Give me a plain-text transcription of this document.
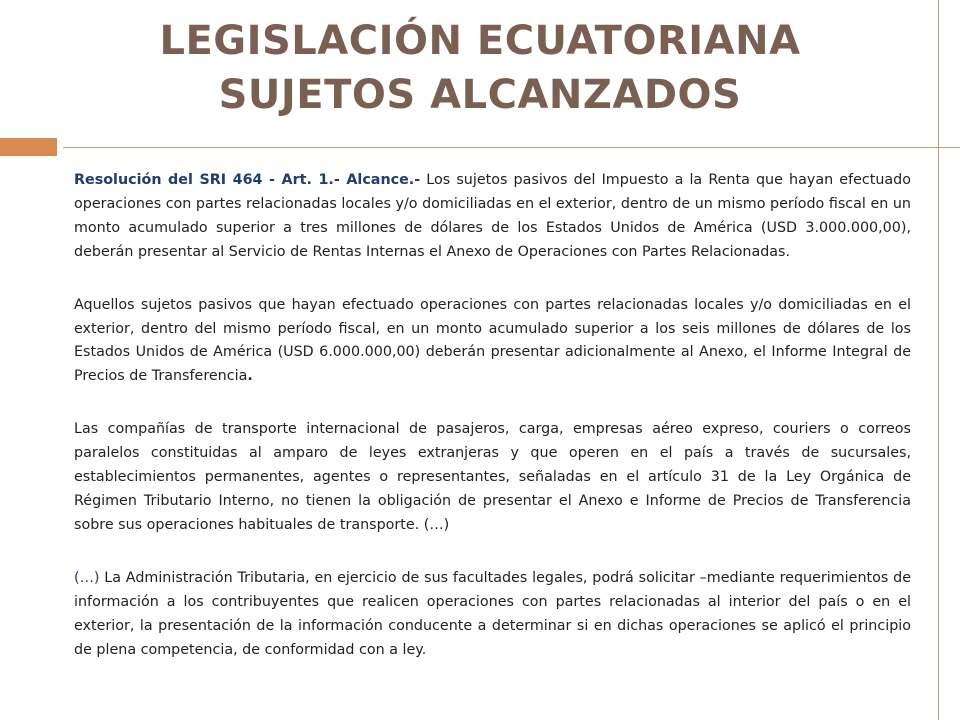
LEGISLACIÓN ECUATORIANA
SUJETOS ALCANZADOS

Resolución del SRI 464 - Art. 1.- Alcance.- Los sujetos pasivos del Impuesto a la Renta que hayan efectuado operaciones con partes relacionadas locales y/o domiciliadas en el exterior, dentro de un mismo período fiscal en un monto acumulado superior a tres millones de dólares de los Estados Unidos de América (USD 3.000.000,00), deberán presentar al Servicio de Rentas Internas el Anexo de Operaciones con Partes Relacionadas.

Aquellos sujetos pasivos que hayan efectuado operaciones con partes relacionadas locales y/o domiciliadas en el exterior, dentro del mismo período fiscal, en un monto acumulado superior a los seis millones de dólares de los Estados Unidos de América (USD 6.000.000,00) deberán presentar adicionalmente al Anexo, el Informe Integral de Precios de Transferencia.

Las compañías de transporte internacional de pasajeros, carga, empresas aéreo expreso, couriers o correos paralelos constituidas al amparo de leyes extranjeras y que operen en el país a través de sucursales, establecimientos permanentes, agentes o representantes, señaladas en el artículo 31 de la Ley Orgánica de Régimen Tributario Interno, no tienen la obligación de presentar el Anexo e Informe de Precios de Transferencia sobre sus operaciones habituales de transporte. (…)

(…) La Administración Tributaria, en ejercicio de sus facultades legales, podrá solicitar –mediante requerimientos de información a los contribuyentes que realicen operaciones con partes relacionadas al interior del país o en el exterior, la presentación de la información conducente a determinar si en dichas operaciones se aplicó el principio de plena competencia, de conformidad con a ley.
